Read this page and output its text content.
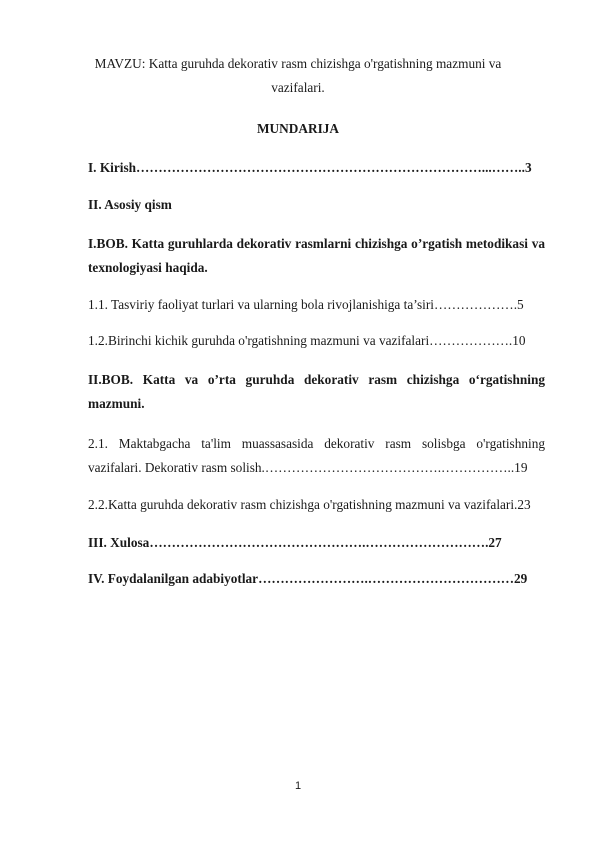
MAVZU: Katta guruhda dekorativ rasm chizishga o'rgatishning mazmuni va

vazifalari.

MUNDARIJA

I. Kirish……………………………………………………………………...……..3

II. Asosiy qism

I.BOB. Katta guruhlarda dekorativ rasmlarni chizishga o’rgatish metodikasi va texnologiyasi haqida.

1.1. Tasviriy faoliyat turlari va ularning bola rivojlanishiga ta’siri……………….5

1.2.Birinchi kichik guruhda o'rgatishning mazmuni va vazifalari……………….10

II.BOB. Katta va o’rta guruhda dekorativ rasm chizishga o‘rgatishning mazmuni.

2.1. Maktabgacha ta'lim muassasasida dekorativ rasm solisbga o'rgatishning vazifalari. Dekorativ rasm solish.………………………………….……………..19

2.2.Katta guruhda dekorativ rasm chizishga o'rgatishning mazmuni va vazifalari.23

III. Xulosa………………………………………….……………………….27

IV. Foydalanilgan adabiyotlar…………………….……………………………29

1
